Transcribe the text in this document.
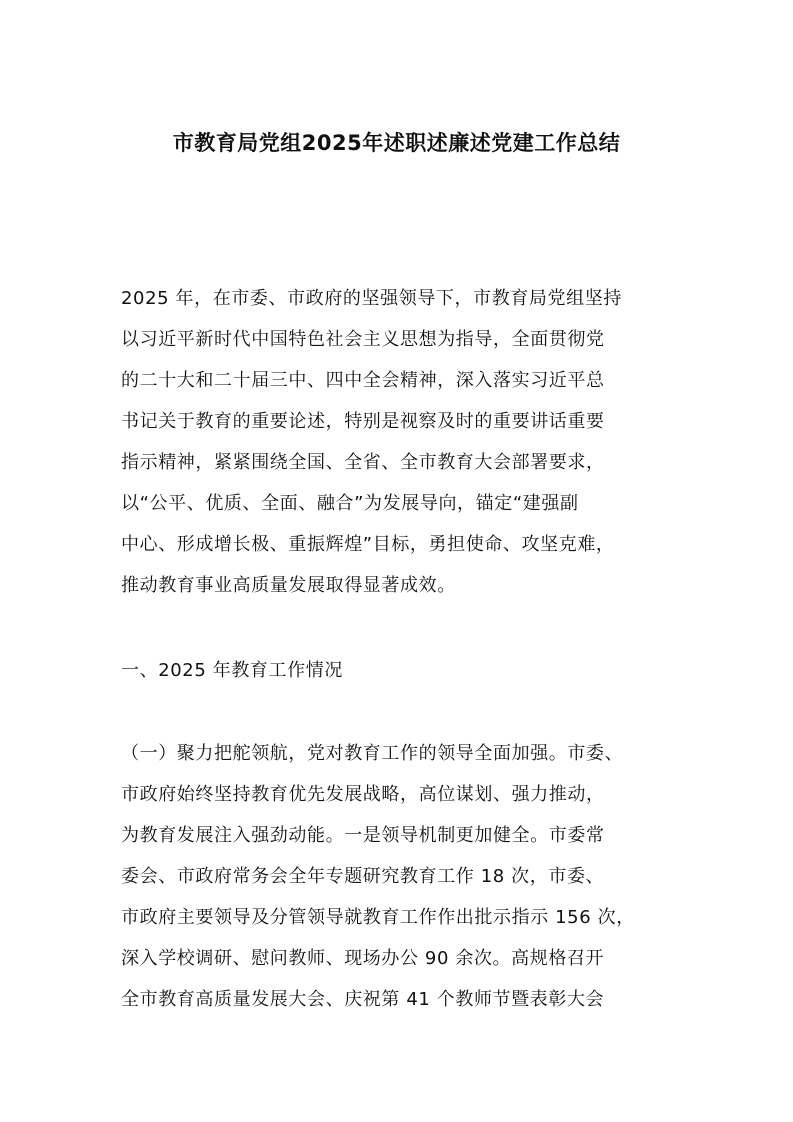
市教育局党组2025年述职述廉述党建工作总结
2025 年，在市委、市政府的坚强领导下，市教育局党组坚持
以习近平新时代中国特色社会主义思想为指导，全面贯彻党
的二十大和二十届三中、四中全会精神，深入落实习近平总
书记关于教育的重要论述，特别是视察及时的重要讲话重要
指示精神，紧紧围绕全国、全省、全市教育大会部署要求，
以“公平、优质、全面、融合”为发展导向，锚定“建强副
中心、形成增长极、重振辉煌”目标，勇担使命、攻坚克难，
推动教育事业高质量发展取得显著成效。
一、2025 年教育工作情况
（一）聚力把舵领航，党对教育工作的领导全面加强。市委、
市政府始终坚持教育优先发展战略，高位谋划、强力推动，
为教育发展注入强劲动能。一是领导机制更加健全。市委常
委会、市政府常务会全年专题研究教育工作 18 次，市委、
市政府主要领导及分管领导就教育工作作出批示指示 156 次，
深入学校调研、慰问教师、现场办公 90 余次。高规格召开
全市教育高质量发展大会、庆祝第 41 个教师节暨表彰大会
